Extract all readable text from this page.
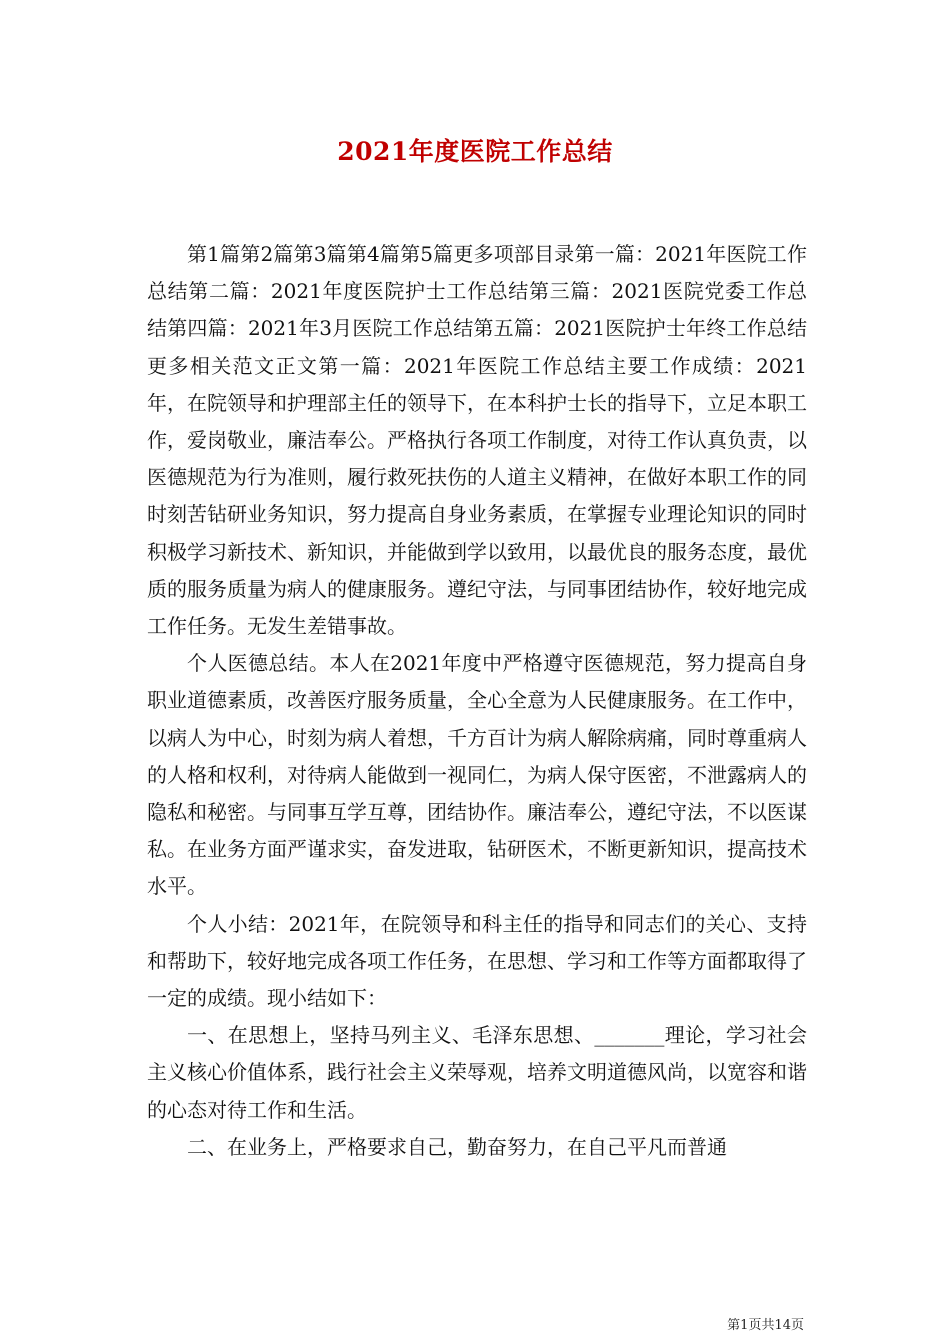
2021年度医院工作总结

第1篇第2篇第3篇第4篇第5篇更多项部目录第一篇：2021年医院工作总结第二篇：2021年度医院护士工作总结第三篇：2021医院党委工作总结第四篇：2021年3月医院工作总结第五篇：2021医院护士年终工作总结更多相关范文正文第一篇：2021年医院工作总结主要工作成绩：2021年，在院领导和护理部主任的领导下，在本科护士长的指导下，立足本职工作，爱岗敬业，廉洁奉公。严格执行各项工作制度，对待工作认真负责，以医德规范为行为准则，履行救死扶伤的人道主义精神，在做好本职工作的同时刻苦钻研业务知识，努力提高自身业务素质，在掌握专业理论知识的同时积极学习新技术、新知识，并能做到学以致用，以最优良的服务态度，最优质的服务质量为病人的健康服务。遵纪守法，与同事团结协作，较好地完成工作任务。无发生差错事故。

个人医德总结。本人在2021年度中严格遵守医德规范，努力提高自身职业道德素质，改善医疗服务质量，全心全意为人民健康服务。在工作中，以病人为中心，时刻为病人着想，千方百计为病人解除病痛，同时尊重病人的人格和权利，对待病人能做到一视同仁，为病人保守医密，不泄露病人的隐私和秘密。与同事互学互尊，团结协作。廉洁奉公，遵纪守法，不以医谋私。在业务方面严谨求实，奋发进取，钻研医术，不断更新知识，提高技术水平。

个人小结：2021年，在院领导和科主任的指导和同志们的关心、支持和帮助下，较好地完成各项工作任务，在思想、学习和工作等方面都取得了一定的成绩。现小结如下：

一、在思想上，坚持马列主义、毛泽东思想、_______理论，学习社会主义核心价值体系，践行社会主义荣辱观，培养文明道德风尚，以宽容和谐的心态对待工作和生活。

二、在业务上，严格要求自己，勤奋努力，在自己平凡而普通

第1页共14页
